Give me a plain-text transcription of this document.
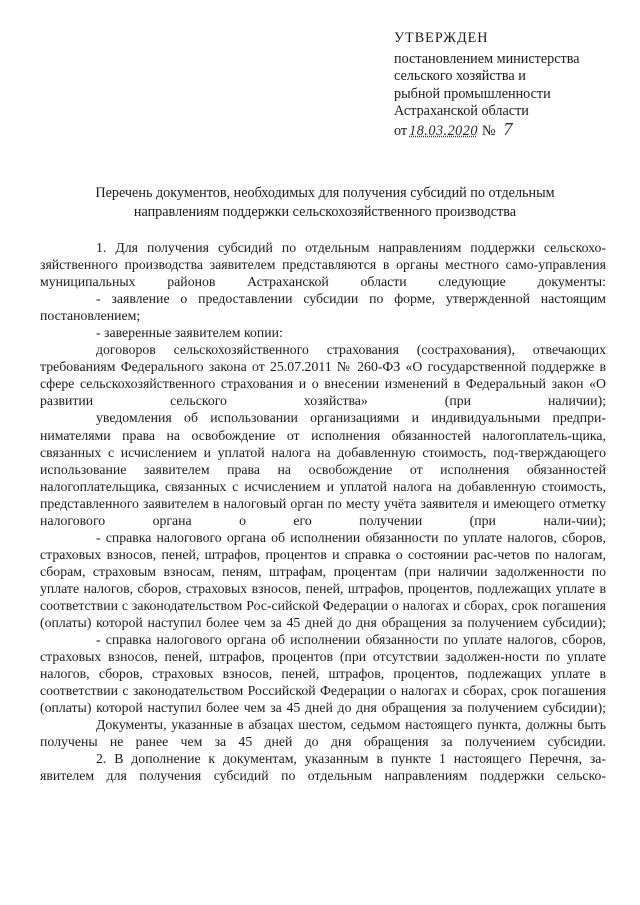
УТВЕРЖДЕН
постановлением министерства
сельского хозяйства и
рыбной промышленности
Астраханской области
от 18.03.2020 № 7
Перечень документов, необходимых для получения субсидий по отдельным
направлениям поддержки сельскохозяйственного производства
1. Для получения субсидий по отдельным направлениям поддержки сельскохо-зяйственного производства заявителем представляются в органы местного само-управления муниципальных районов Астраханской области следующие документы:
- заявление о предоставлении субсидии по форме, утвержденной настоящим постановлением;
- заверенные заявителем копии:
договоров сельскохозяйственного страхования (сострахования), отвечающих требованиям Федерального закона от 25.07.2011 № 260-ФЗ «О государственной поддержке в сфере сельскохозяйственного страхования и о внесении изменений в Федеральный закон «О развитии сельского хозяйства» (при наличии);
уведомления об использовании организациями и индивидуальными предпри-нимателями права на освобождение от исполнения обязанностей налогоплатель-щика, связанных с исчислением и уплатой налога на добавленную стоимость, под-тверждающего использование заявителем права на освобождение от исполнения обязанностей налогоплательщика, связанных с исчислением и уплатой налога на добавленную стоимость, представленного заявителем в налоговый орган по месту учёта заявителя и имеющего отметку налогового органа о его получении (при нали-чии);
- справка налогового органа об исполнении обязанности по уплате налогов, сборов, страховых взносов, пеней, штрафов, процентов и справка о состоянии рас-четов по налогам, сборам, страховым взносам, пеням, штрафам, процентам (при наличии задолженности по уплате налогов, сборов, страховых взносов, пеней, штрафов, процентов, подлежащих уплате в соответствии с законодательством Рос-сийской Федерации о налогах и сборах, срок погашения (оплаты) которой наступил более чем за 45 дней до дня обращения за получением субсидии);
- справка налогового органа об исполнении обязанности по уплате налогов, сборов, страховых взносов, пеней, штрафов, процентов (при отсутствии задолжен-ности по уплате налогов, сборов, страховых взносов, пеней, штрафов, процентов, подлежащих уплате в соответствии с законодательством Российской Федерации о налогах и сборах, срок погашения (оплаты) которой наступил более чем за 45 дней до дня обращения за получением субсидии);
Документы, указанные в абзацах шестом, седьмом настоящего пункта, должны быть получены не ранее чем за 45 дней до дня обращения за получением субсидии.
2. В дополнение к документам, указанным в пункте 1 настоящего Перечня, за-явителем для получения субсидий по отдельным направлениям поддержки сельско-
